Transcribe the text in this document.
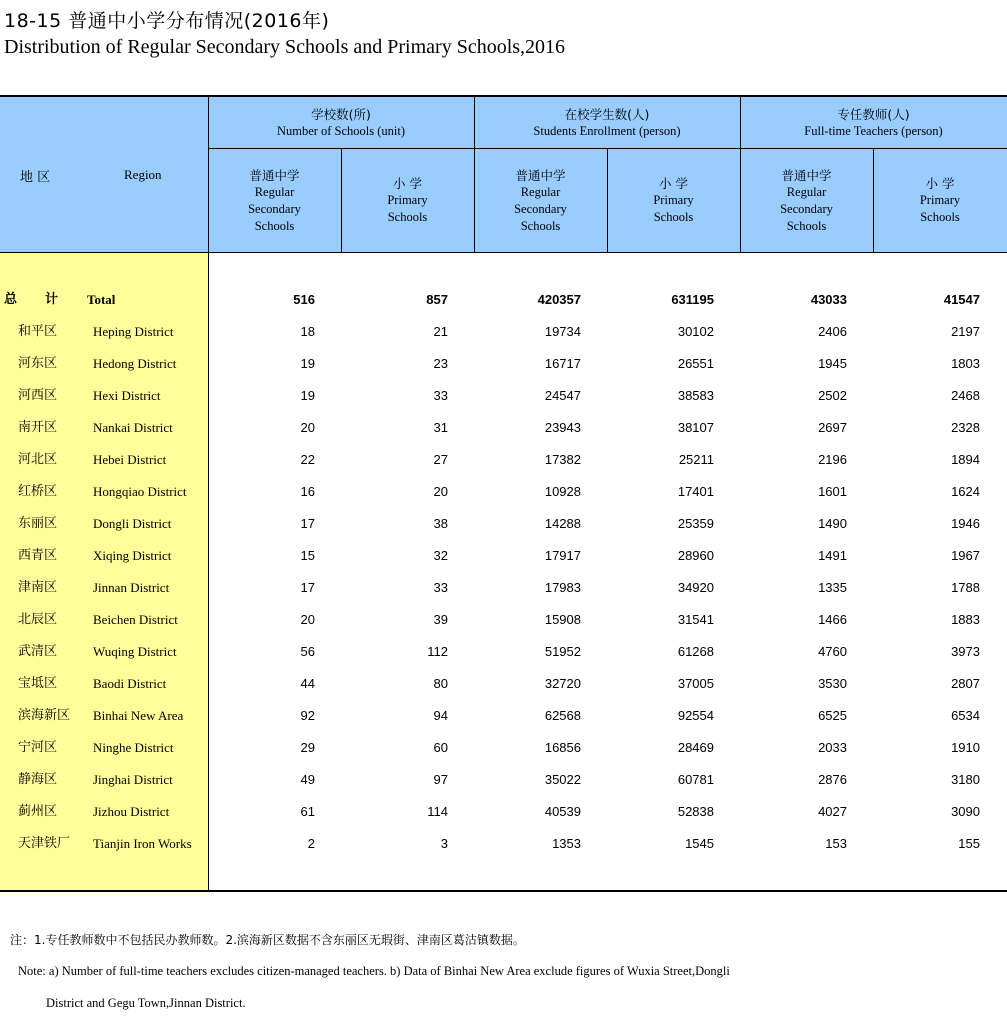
18-15 普通中小学分布情况(2016年)
Distribution of Regular Secondary Schools and Primary Schools,2016
地 区	Region
学校数(所)
Number of Schools (unit)
在校学生数(人)
Students Enrollment (person)
专任教师(人)
Full-time Teachers (person)
普通中学
Regular
Secondary
Schools
小 学
Primary
Schools
普通中学
Regular
Secondary
Schools
小 学
Primary
Schools
普通中学
Regular
Secondary
Schools
小 学
Primary
Schools
总计 Total	516	857	420357	631195	43033	41547
和平区	Heping District	18	21	19734	30102	2406	2197
河东区	Hedong District	19	23	16717	26551	1945	1803
河西区	Hexi District	19	33	24547	38583	2502	2468
南开区	Nankai District	20	31	23943	38107	2697	2328
河北区	Hebei District	22	27	17382	25211	2196	1894
红桥区	Hongqiao District	16	20	10928	17401	1601	1624
东丽区	Dongli District	17	38	14288	25359	1490	1946
西青区	Xiqing District	15	32	17917	28960	1491	1967
津南区	Jinnan District	17	33	17983	34920	1335	1788
北辰区	Beichen District	20	39	15908	31541	1466	1883
武清区	Wuqing District	56	112	51952	61268	4760	3973
宝坻区	Baodi District	44	80	32720	37005	3530	2807
滨海新区 Binhai New Area	92	94	62568	92554	6525	6534
宁河区	Ninghe District	29	60	16856	28469	2033	1910
静海区	Jinghai District	49	97	35022	60781	2876	3180
蓟州区	Jizhou District	61	114	40539	52838	4027	3090
天津铁厂 Tianjin Iron Works	2	3	1353	1545	153	155
注：1.专任教师数中不包括民办教师数。2.滨海新区数据不含东丽区无瑕街、津南区葛沽镇数据。
Note: a) Number of full-time teachers excludes citizen-managed teachers. b) Data of Binhai New Area exclude figures of Wuxia Street,Dongli
District and Gegu Town,Jinnan District.
